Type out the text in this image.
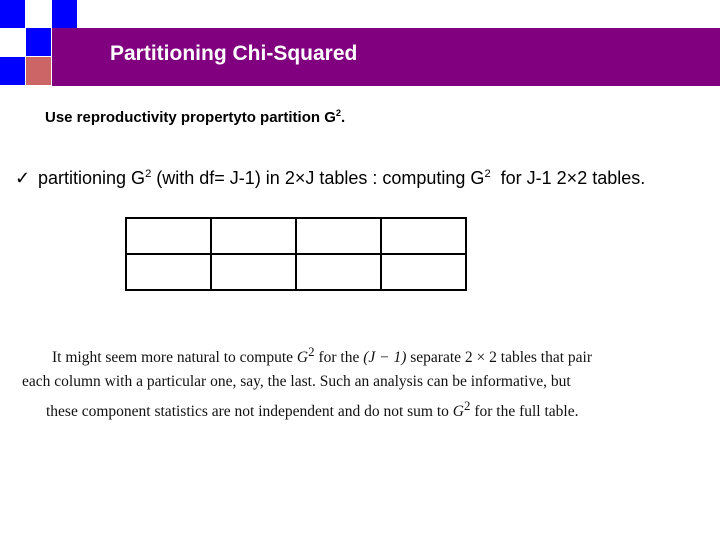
Partitioning Chi-Squared
Use reproductivity propertyto partition $G^2$.
✓ partitioning $G^2$ (with df= J-1) in 2×J tables : computing $G^2$  for J-1 2×2 tables.

It might seem more natural to compute $G^2$ for the (J − 1) separate 2 × 2 tables that pair
each column with a particular one, say, the last. Such an analysis can be informative, but
these component statistics are not independent and do not sum to $G^2$ for the full table.
